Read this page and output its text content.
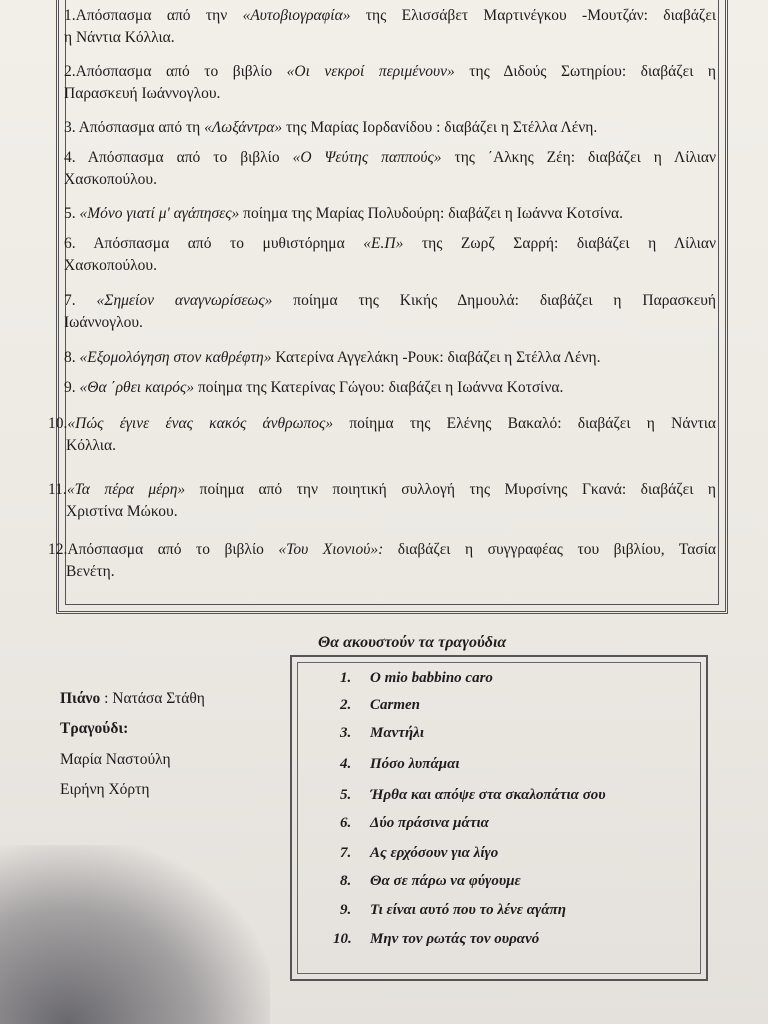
1.Απόσπασμα από την «Αυτοβιογραφία» της Ελισσάβετ Μαρτινέγκου -Μουτζάν: διαβάζει
η Νάντια Κόλλια.
2.Απόσπασμα από το βιβλίο «Οι νεκροί περιμένουν» της Διδούς Σωτηρίου: διαβάζει η
Παρασκευή Ιωάννογλου.
3. Απόσπασμα από τη «Λωξάντρα» της Μαρίας Ιορδανίδου : διαβάζει η Στέλλα Λένη.
4. Απόσπασμα από το βιβλίο «Ο Ψεύτης παππούς» της ΄Αλκης Ζέη: διαβάζει η Λίλιαν
Χασκοπούλου.
5. «Μόνο γιατί μ' αγάπησες» ποίημα της Μαρίας Πολυδούρη: διαβάζει η Ιωάννα Κοτσίνα.
6. Απόσπασμα από το μυθιστόρημα «Ε.Π» της Ζωρζ Σαρρή: διαβάζει η Λίλιαν
Χασκοπούλου.
7. «Σημείον αναγνωρίσεως» ποίημα της Κικής Δημουλά: διαβάζει η Παρασκευή
Ιωάννογλου.
8. «Εξομολόγηση στον καθρέφτη» Κατερίνα Αγγελάκη -Ρουκ: διαβάζει η Στέλλα Λένη.
9. «Θα ΄ρθει καιρός» ποίημα της Κατερίνας Γώγου: διαβάζει η Ιωάννα Κοτσίνα.
10.«Πώς έγινε ένας κακός άνθρωπος» ποίημα της Ελένης Βακαλό: διαβάζει η Νάντια
Κόλλια.
11.«Τα πέρα μέρη» ποίημα από την ποιητική συλλογή της Μυρσίνης Γκανά: διαβάζει η
Χριστίνα Μώκου.
12.Απόσπασμα από το βιβλίο «Του Χιονιού»: διαβάζει η συγγραφέας του βιβλίου, Τασία
Βενέτη.
Θα ακουστούν τα τραγούδια
1. O mio babbino caro
2. Carmen
3. Μαντήλι
4. Πόσο λυπάμαι
5. Ήρθα και απόψε στα σκαλοπάτια σου
6. Δύο πράσινα μάτια
7. Ας ερχόσουν για λίγο
8. Θα σε πάρω να φύγουμε
9. Τι είναι αυτό που το λένε αγάπη
10. Μην τον ρωτάς τον ουρανό
Πιάνο : Νατάσα Στάθη
Τραγούδι:
Μαρία Ναστούλη
Ειρήνη Χόρτη
